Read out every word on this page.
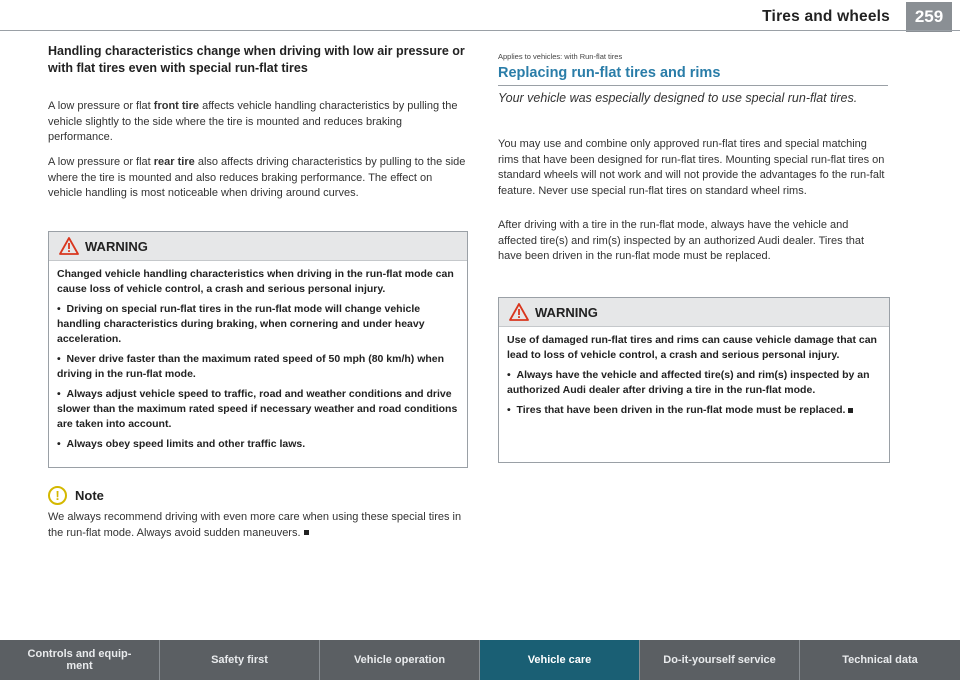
Tires and wheels	259
Handling characteristics change when driving with low air pressure or with flat tires even with special run-flat tires
A low pressure or flat front tire affects vehicle handling characteristics by pulling the vehicle slightly to the side where the tire is mounted and reduces braking performance.
A low pressure or flat rear tire also affects driving characteristics by pulling to the side where the tire is mounted and also reduces braking performance. The effect on vehicle handling is most noticeable when driving around curves.
WARNING

Changed vehicle handling characteristics when driving in the run-flat mode can cause loss of vehicle control, a crash and serious personal injury.

•  Driving on special run-flat tires in the run-flat mode will change vehicle handling characteristics during braking, when cornering and under heavy acceleration.

•  Never drive faster than the maximum rated speed of 50 mph (80 km/h) when driving in the run-flat mode.

•  Always adjust vehicle speed to traffic, road and weather conditions and drive slower than the maximum rated speed if necessary weather and road conditions are taken into account.

•  Always obey speed limits and other traffic laws.

!	Note
We always recommend driving with even more care when using these special tires in the run-flat mode. Always avoid sudden maneuvers.
Applies to vehicles: with Run-flat tires
Replacing run-flat tires and rims
Your vehicle was especially designed to use special run-flat tires.
You may use and combine only approved run-flat tires and special matching rims that have been designed for run-flat tires. Mounting special run-flat tires on standard wheels will not work and will not provide the advantages fo the run-falt feature. Never use special run-flat tires on standard wheel rims.
After driving with a tire in the run-flat mode, always have the vehicle and affected tire(s) and rim(s) inspected by an authorized Audi dealer. Tires that have been driven in the run-flat mode must be replaced.
WARNING

Use of damaged run-flat tires and rims can cause vehicle damage that can lead to loss of vehicle control, a crash and serious personal injury.

•  Always have the vehicle and affected tire(s) and rim(s) inspected by an authorized Audi dealer after driving a tire in the run-flat mode.

•  Tires that have been driven in the run-flat mode must be replaced.

Controls and equip-
ment	Safety first	Vehicle operation	Vehicle care	Do-it-yourself service	Technical data
